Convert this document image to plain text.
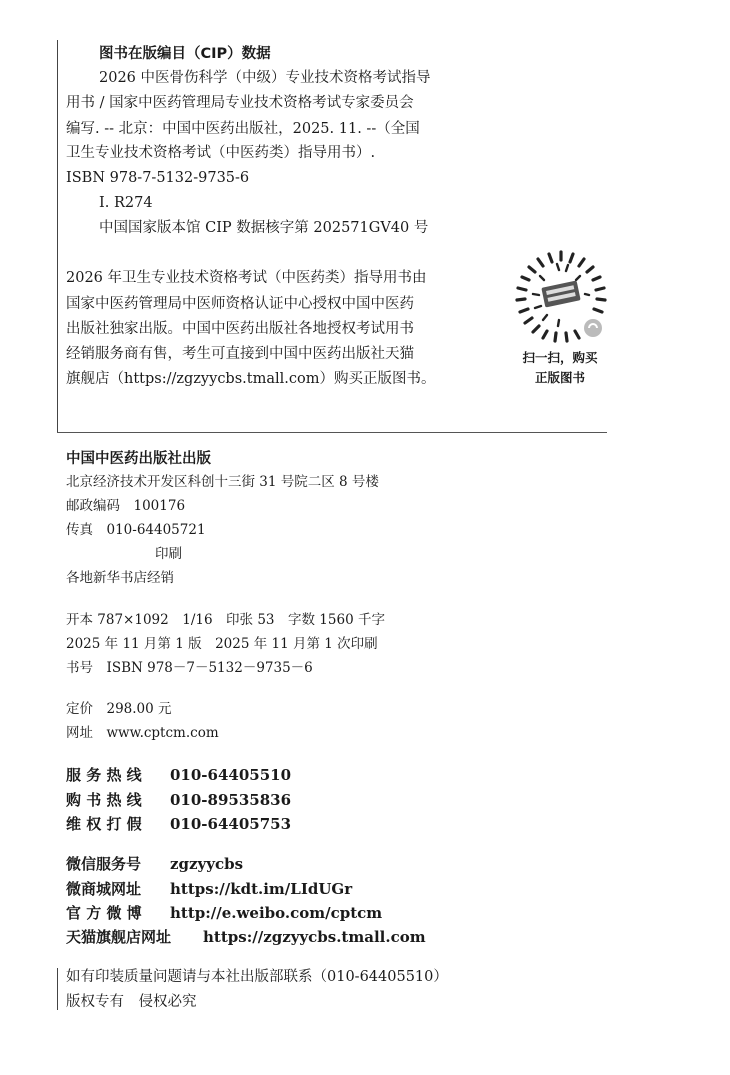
图书在版编目（CIP）数据
2026 中医骨伤科学（中级）专业技术资格考试指导
用书 / 国家中医药管理局专业技术资格考试专家委员会
编写. -- 北京：中国中医药出版社，2025. 11. --（全国
卫生专业技术资格考试（中医药类）指导用书）.
ISBN 978-7-5132-9735-6
Ⅰ. R274
中国国家版本馆 CIP 数据核字第 202571GV40 号
2026 年卫生专业技术资格考试（中医药类）指导用书由
国家中医药管理局中医师资格认证中心授权中国中医药
出版社独家出版。中国中医药出版社各地授权考试用书
经销服务商有售，考生可直接到中国中医药出版社天猫
旗舰店（https://zgzyycbs.tmall.com）购买正版图书。
扫一扫，购买
正版图书
中国中医药出版社出版
北京经济技术开发区科创十三街 31 号院二区 8 号楼
邮政编码　100176
传真　010-64405721
印刷
各地新华书店经销
开本 787×1092　1/16　印张 53　字数 1560 千字
2025 年 11 月第 1 版　2025 年 11 月第 1 次印刷
书号　ISBN 978－7－5132－9735－6
定价　298.00 元
网址　www.cptcm.com
服 务 热 线 010-64405510
购 书 热 线 010-89535836
维 权 打 假 010-64405753
微信服务号 zgzyycbs
微商城网址 https://kdt.im/LIdUGr
官 方 微 博 http://e.weibo.com/cptcm
天猫旗舰店网址 https://zgzyycbs.tmall.com
如有印装质量问题请与本社出版部联系（010-64405510）
版权专有　侵权必究
